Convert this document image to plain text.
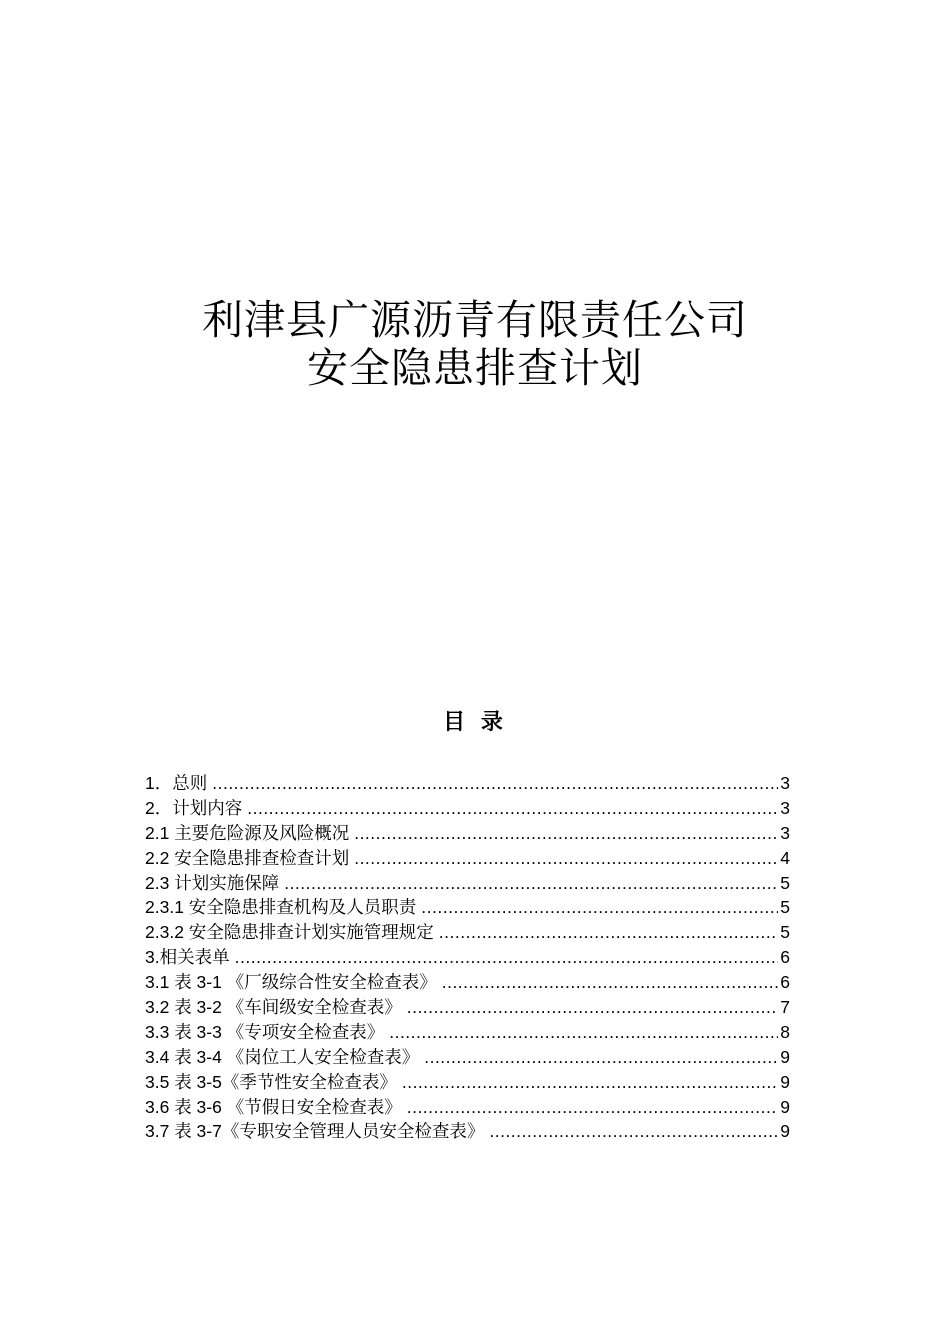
利津县广源沥青有限责任公司
安全隐患排查计划
目 录
1．总则 .....	3
2．计划内容 .....	3
2.1 主要危险源及风险概况 .....	3
2.2 安全隐患排查检查计划 .....	4
2.3 计划实施保障 .....	5
2.3.1 安全隐患排查机构及人员职责 .....	5
2.3.2 安全隐患排查计划实施管理规定 .....	5
3.相关表单 .....	6
3.1 表 3-1 《厂级综合性安全检查表》 .....	6
3.2 表 3-2 《车间级安全检查表》 .....	7
3.3 表 3-3 《专项安全检查表》 .....	8
3.4 表 3-4 《岗位工人安全检查表》 .....	9
3.5 表 3-5《季节性安全检查表》 .....	9
3.6 表 3-6 《节假日安全检查表》 .....	9
3.7 表 3-7《专职安全管理人员安全检查表》 .....	9
